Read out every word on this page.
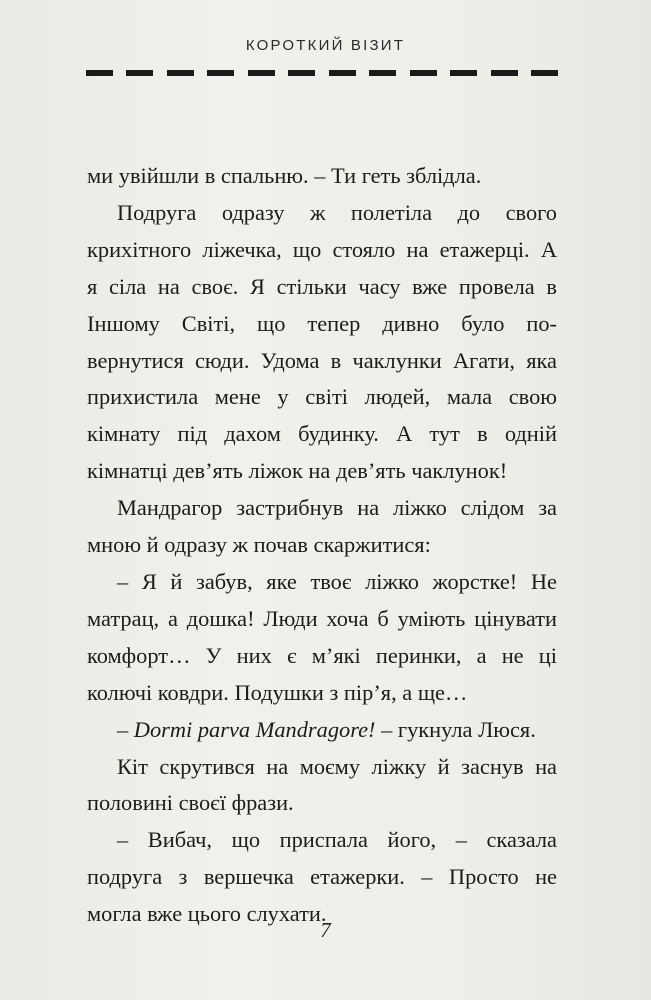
КОРОТКИЙ ВІЗИТ
ми увійшли в спальню. – Ти геть зблідла.
Подруга одразу ж полетіла до свого
крихітного ліжечка, що стояло на етажерці. А
я сіла на своє. Я стільки часу вже провела в
Іншому Світі, що тепер дивно було по-
вернутися сюди. Удома в чаклунки Агати, яка
прихистила мене у світі людей, мала свою
кімнату під дахом будинку. А тут в одній
кімнатці дев’ять ліжок на дев’ять чаклунок!
Мандрагор застрибнув на ліжко слідом за
мною й одразу ж почав скаржитися:
– Я й забув, яке твоє ліжко жорстке! Не
матрац, а дошка! Люди хоча б уміють цінувати
комфорт… У них є м’які перинки, а не ці
колючі ковдри. Подушки з пір’я, а ще…
– Dormi parva Mandragore! – гукнула Люся.
Кіт скрутився на моєму ліжку й заснув на
половині своєї фрази.
– Вибач, що приспала його, – сказала
подруга з вершечка етажерки. – Просто не
могла вже цього слухати.
7
